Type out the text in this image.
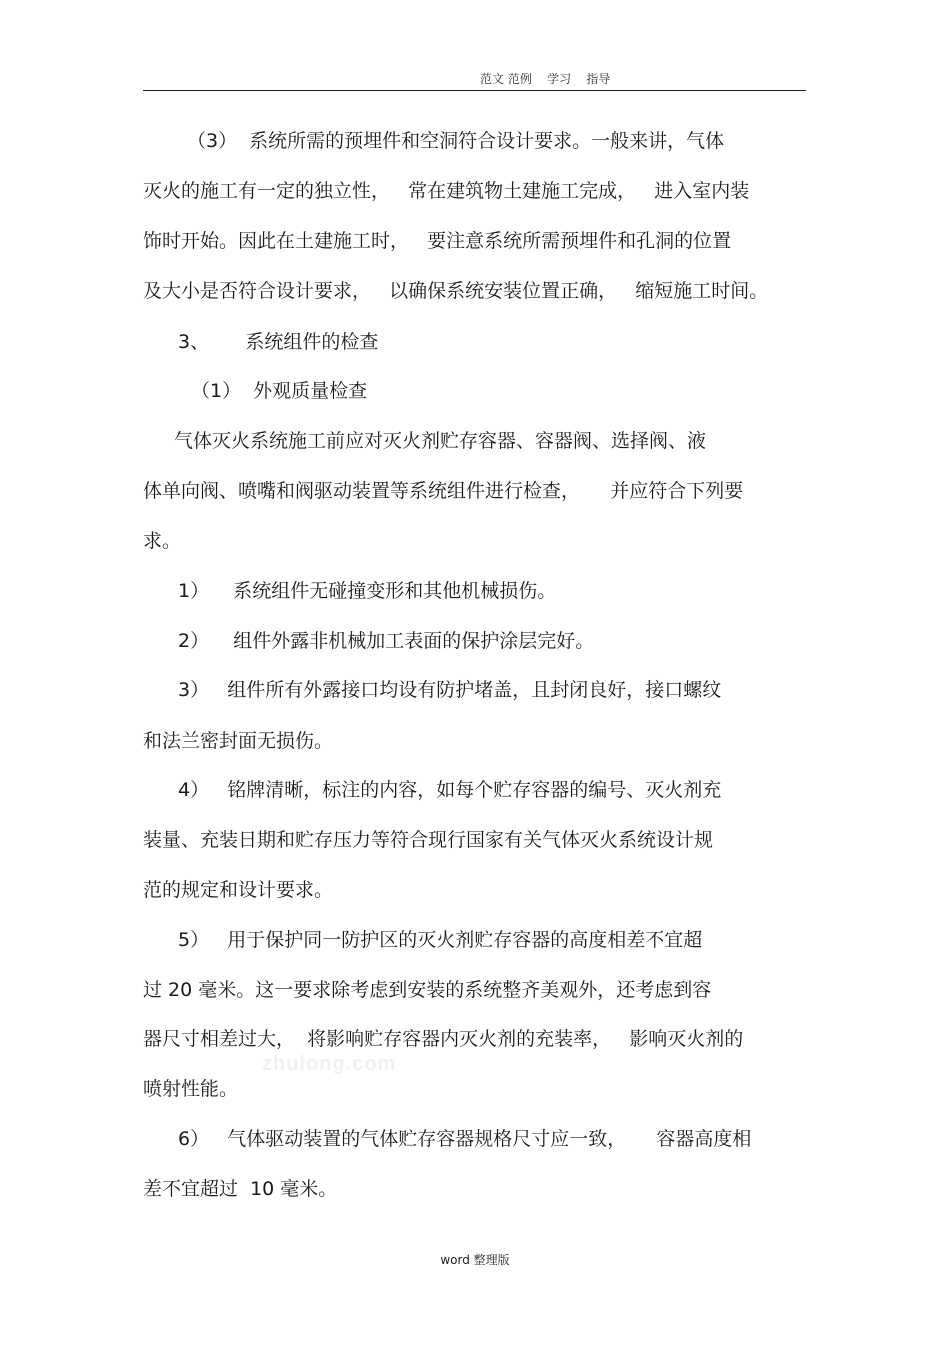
范文 范例    学习    指导
（3）  系统所需的预埋件和空洞符合设计要求。一般来讲，气体
灭火的施工有一定的独立性，   常在建筑物土建施工完成，   进入室内装
饰时开始。因此在土建施工时，   要注意系统所需预埋件和孔洞的位置
及大小是否符合设计要求，   以确保系统安装位置正确，   缩短施工时间。
3、      系统组件的检查
（1）  外观质量检查
气体灭火系统施工前应对灭火剂贮存容器、容器阀、选择阀、液
体单向阀、喷嘴和阀驱动装置等系统组件进行检查，     并应符合下列要
求。
1）    系统组件无碰撞变形和其他机械损伤。
2）    组件外露非机械加工表面的保护涂层完好。
3）   组件所有外露接口均设有防护堵盖，且封闭良好，接口螺纹
和法兰密封面无损伤。
4）   铭牌清晰，标注的内容，如每个贮存容器的编号、灭火剂充
装量、充装日期和贮存压力等符合现行国家有关气体灭火系统设计规
范的规定和设计要求。
5）   用于保护同一防护区的灭火剂贮存容器的高度相差不宜超
过 20 毫米。这一要求除考虑到安装的系统整齐美观外，还考虑到容
器尺寸相差过大，  将影响贮存容器内灭火剂的充装率，   影响灭火剂的
喷射性能。
6）   气体驱动装置的气体贮存容器规格尺寸应一致，     容器高度相
差不宜超过  10 毫米。
zhulong.com
word 整理版
